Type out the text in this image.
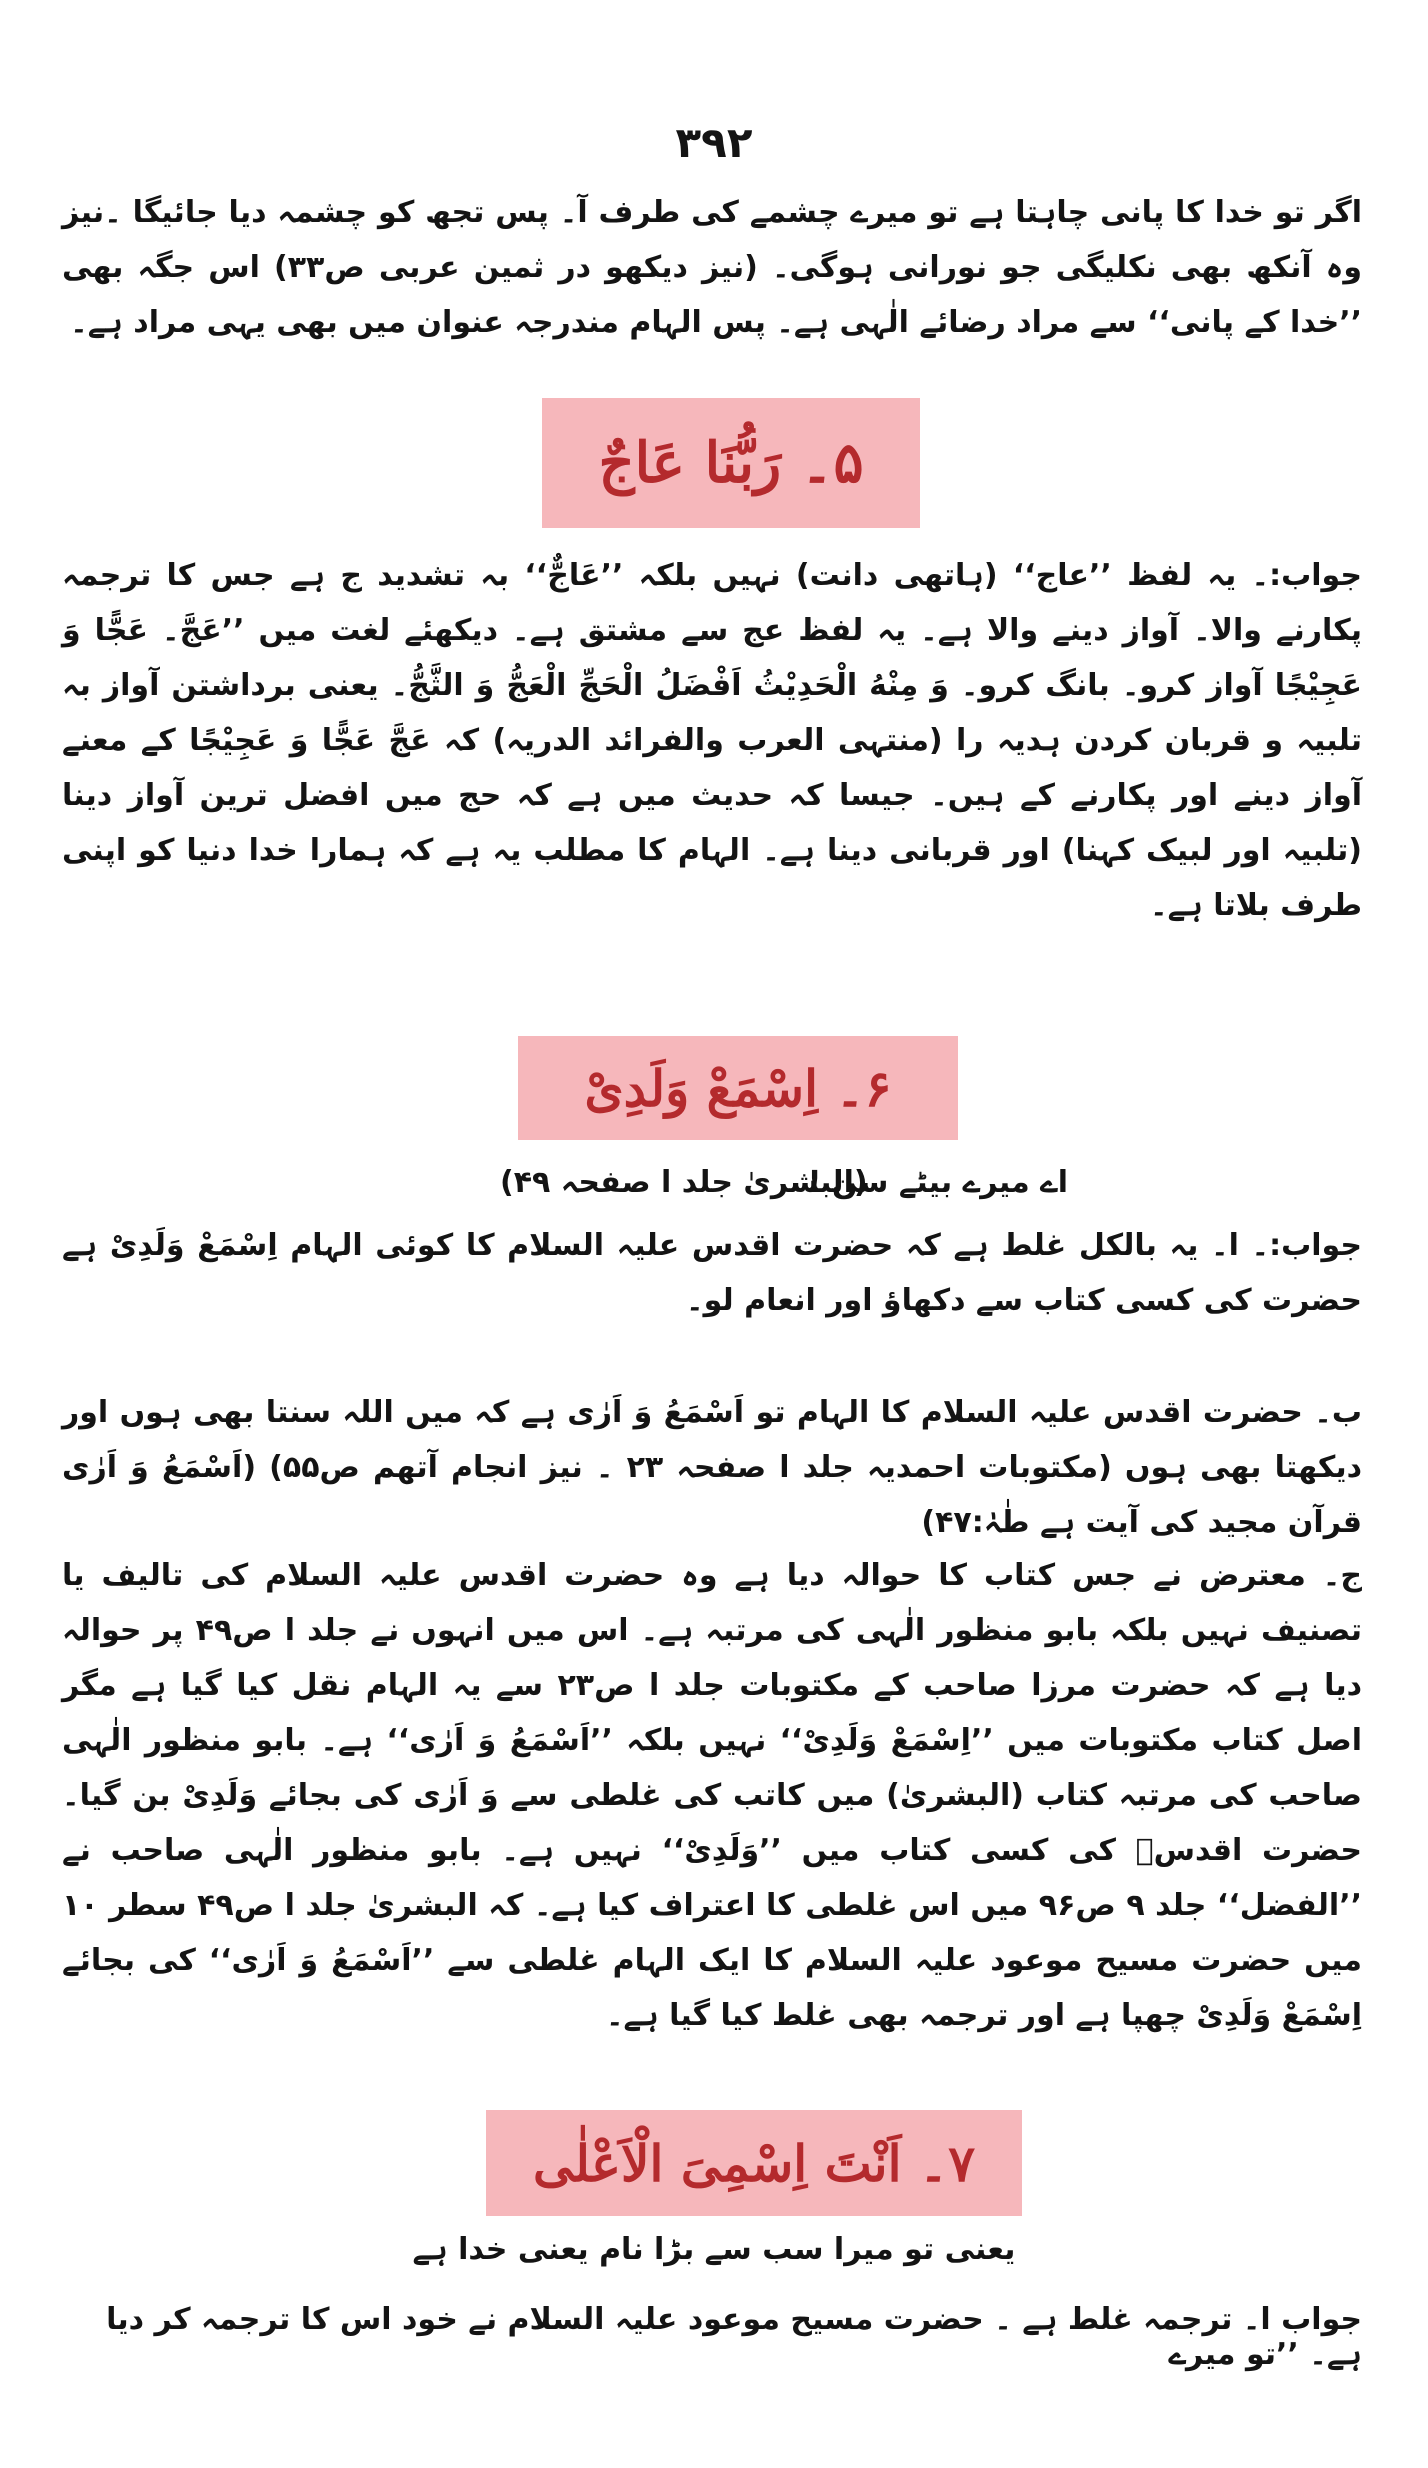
۳۹۲

اگر تو خدا کا پانی چاہتا ہے تو میرے چشمے کی طرف آ۔ پس تجھ کو چشمہ دیا جائیگا ۔نیز وہ آنکھ بھی نکلیگی جو نورانی ہوگی۔ (نیز دیکھو در ثمین عربی ص۳۳) اس جگہ بھی ’’خدا کے پانی‘‘ سے مراد رضائے الٰہی ہے۔ پس الہام مندرجہ عنوان میں بھی یہی مراد ہے۔

۵۔ رَبُّنَا عَاجٌ

جواب:۔ یہ لفظ ’’عاج‘‘ (ہاتھی دانت) نہیں بلکہ ’’عَاجٌّ‘‘ بہ تشدید ج ہے جس کا ترجمہ پکارنے والا۔ آواز دینے والا ہے۔ یہ لفظ عج سے مشتق ہے۔ دیکھئے لغت میں ’’عَجَّ۔ عَجًّا وَ عَجِیْجًا آواز کرو۔ بانگ کرو۔ وَ مِنْهُ الْحَدِیْثُ اَفْضَلُ الْحَجِّ الْعَجُّ وَ الثَّجُّ۔ یعنی برداشتن آواز بہ تلبیہ و قربان کردن ہدیہ را (منتہی العرب والفرائد الدریہ) کہ عَجَّ عَجًّا وَ عَجِیْجًا کے معنے آواز دینے اور پکارنے کے ہیں۔ جیسا کہ حدیث میں ہے کہ حج میں افضل ترین آواز دینا (تلبیہ اور لبیک کہنا) اور قربانی دینا ہے۔ الہام کا مطلب یہ ہے کہ ہمارا خدا دنیا کو اپنی طرف بلاتا ہے۔

۶۔ اِسْمَعْ وَلَدِیْ
اے میرے بیٹے سن !
(البشریٰ جلد ا صفحہ ۴۹)

جواب:۔ ا۔ یہ بالکل غلط ہے کہ حضرت اقدس علیہ السلام کا کوئی الہام اِسْمَعْ وَلَدِیْ ہے حضرت کی کسی کتاب سے دکھاؤ اور انعام لو۔

ب۔ حضرت اقدس علیہ السلام کا الہام تو اَسْمَعُ وَ اَرٰی ہے کہ میں اللہ سنتا بھی ہوں اور دیکھتا بھی ہوں (مکتوبات احمدیہ جلد ا صفحہ ۲۳ ۔ نیز انجام آتھم ص۵۵) (اَسْمَعُ وَ اَرٰی قرآن مجید کی آیت ہے طٰہٰ:۴۷)

ج۔ معترض نے جس کتاب کا حوالہ دیا ہے وہ حضرت اقدس علیہ السلام کی تالیف یا تصنیف نہیں بلکہ بابو منظور الٰہی کی مرتبہ ہے۔ اس میں انہوں نے جلد ا ص۴۹ پر حوالہ دیا ہے کہ حضرت مرزا صاحب کے مکتوبات جلد ا ص۲۳ سے یہ الہام نقل کیا گیا ہے مگر اصل کتاب مکتوبات میں ’’اِسْمَعْ وَلَدِیْ‘‘ نہیں بلکہ ’’اَسْمَعُ وَ اَرٰی‘‘ ہے۔ بابو منظور الٰہی صاحب کی مرتبہ کتاب (البشریٰ) میں کاتب کی غلطی سے وَ اَرٰی کی بجائے وَلَدِیْ بن گیا۔ حضرت اقدسؑ کی کسی کتاب میں ’’وَلَدِیْ‘‘ نہیں ہے۔ بابو منظور الٰہی صاحب نے ’’الفضل‘‘ جلد ۹ ص۹۶ میں اس غلطی کا اعتراف کیا ہے۔ کہ البشریٰ جلد ا ص۴۹ سطر ۱۰ میں حضرت مسیح موعود علیہ السلام کا ایک الہام غلطی سے ’’اَسْمَعُ وَ اَرٰی‘‘ کی بجائے اِسْمَعْ وَلَدِیْ چھپا ہے اور ترجمہ بھی غلط کیا گیا ہے۔

۷۔ اَنْتَ اِسْمِیَ الْاَعْلٰی
یعنی تو میرا سب سے بڑا نام یعنی خدا ہے
جواب ا۔ ترجمہ غلط ہے ۔ حضرت مسیح موعود علیہ السلام نے خود اس کا ترجمہ کر دیا ہے۔ ’’تو میرے
